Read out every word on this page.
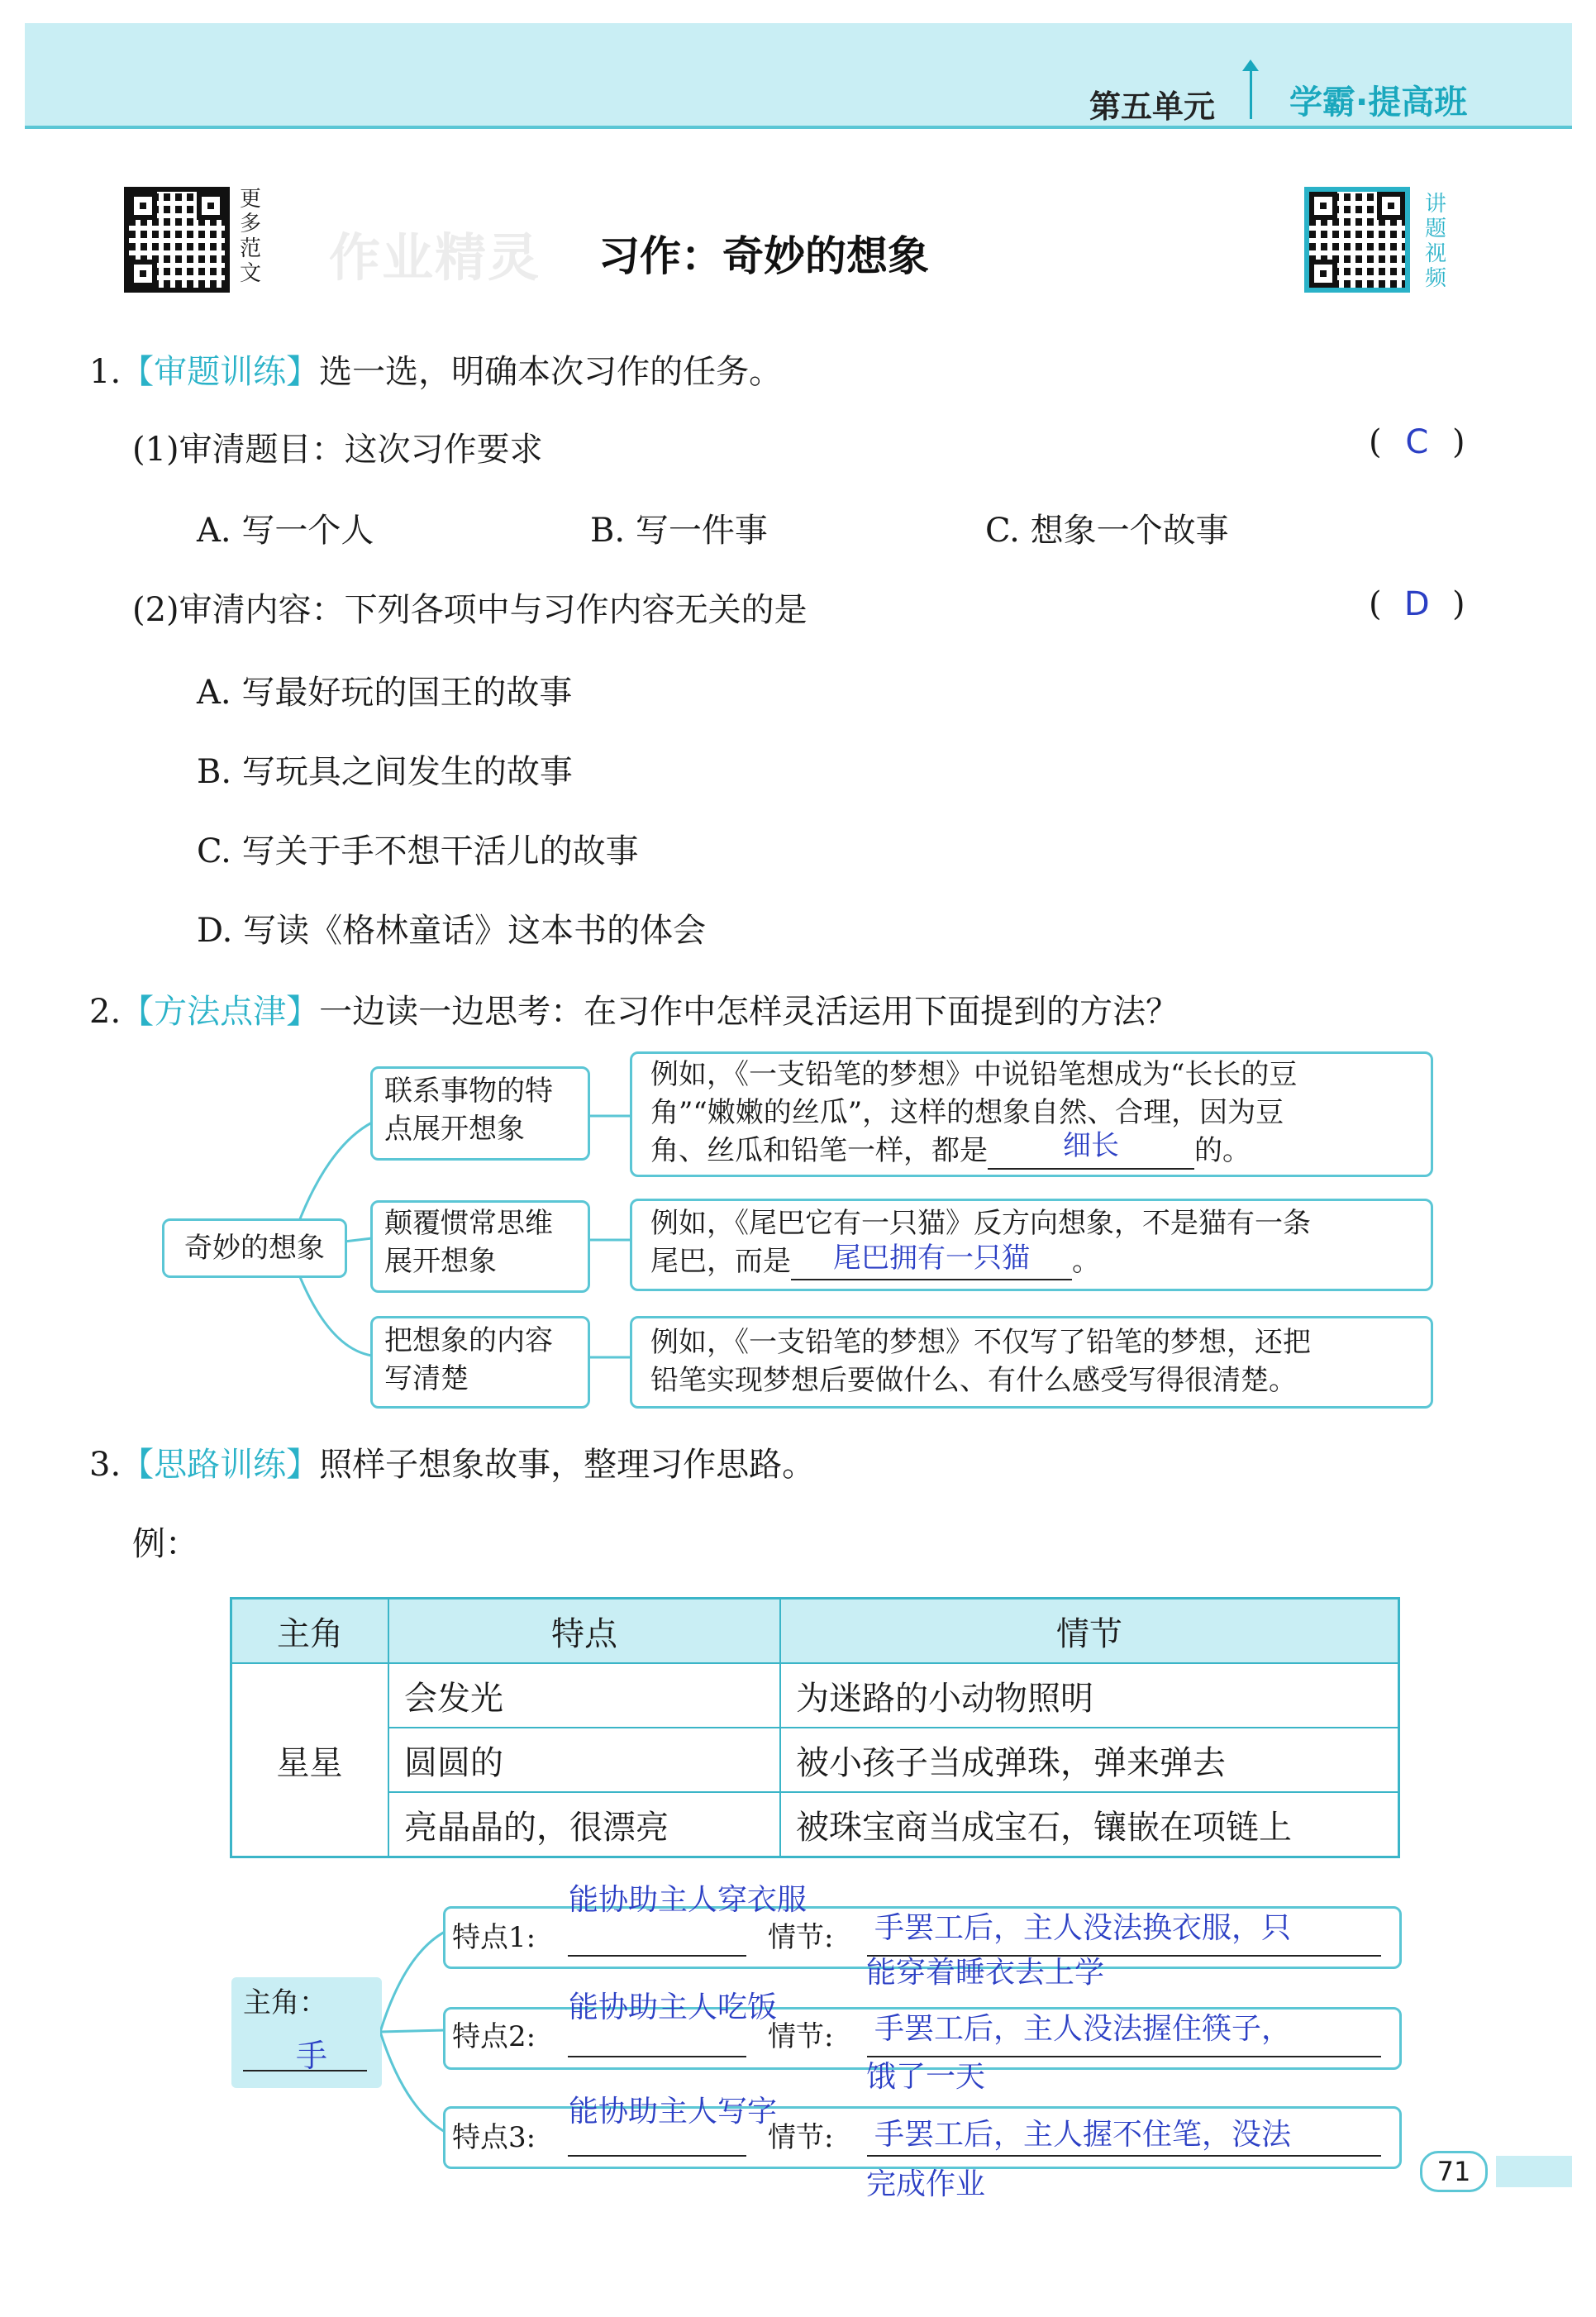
第五单元 学霸·提高班
更
多
范
文 作业精灵 习作：奇妙的想象
讲
题
视
频
1.【审题训练】选一选，明确本次习作的任务。
(1)审清题目：这次习作要求	( C )
A. 写一个人	B. 写一件事	C. 想象一个故事
(2)审清内容：下列各项中与习作内容无关的是	( D )
A. 写最好玩的国王的故事
B. 写玩具之间发生的故事
C. 写关于手不想干活儿的故事
D. 写读《格林童话》这本书的体会
2.【方法点津】一边读一边思考：在习作中怎样灵活运用下面提到的方法？
奇妙的想象
联系事物的特
点展开想象
例如，《一支铅笔的梦想》中说铅笔想成为“长长的豆
角”“嫩嫩的丝瓜”，这样的想象自然、合理，因为豆
角、丝瓜和铅笔一样，都是	细长	的。
颠覆惯常思维
展开想象
例如，《尾巴它有一只猫》反方向想象，不是猫有一条
尾巴，而是 尾巴拥有一只猫 。
把想象的内容
写清楚
例如，《一支铅笔的梦想》不仅写了铅笔的梦想，还把
铅笔实现梦想后要做什么、有什么感受写得很清楚。
3.【思路训练】照样子想象故事，整理习作思路。
例：
主角	特点	情节
星星	会发光	为迷路的小动物照明
	圆圆的	被小孩子当成弹珠，弹来弹去
	亮晶晶的，很漂亮	被珠宝商当成宝石，镶嵌在项链上
主角：
手
特点1:	情节:
能协助主人穿衣服
手罢工后，主人没法换衣服，只
能穿着睡衣去上学
特点2:	情节:
能协助主人吃饭
手罢工后，主人没法握住筷子，
饿了一天
特点3:	情节:
能协助主人写字
手罢工后，主人握不住笔，没法
完成作业	71
